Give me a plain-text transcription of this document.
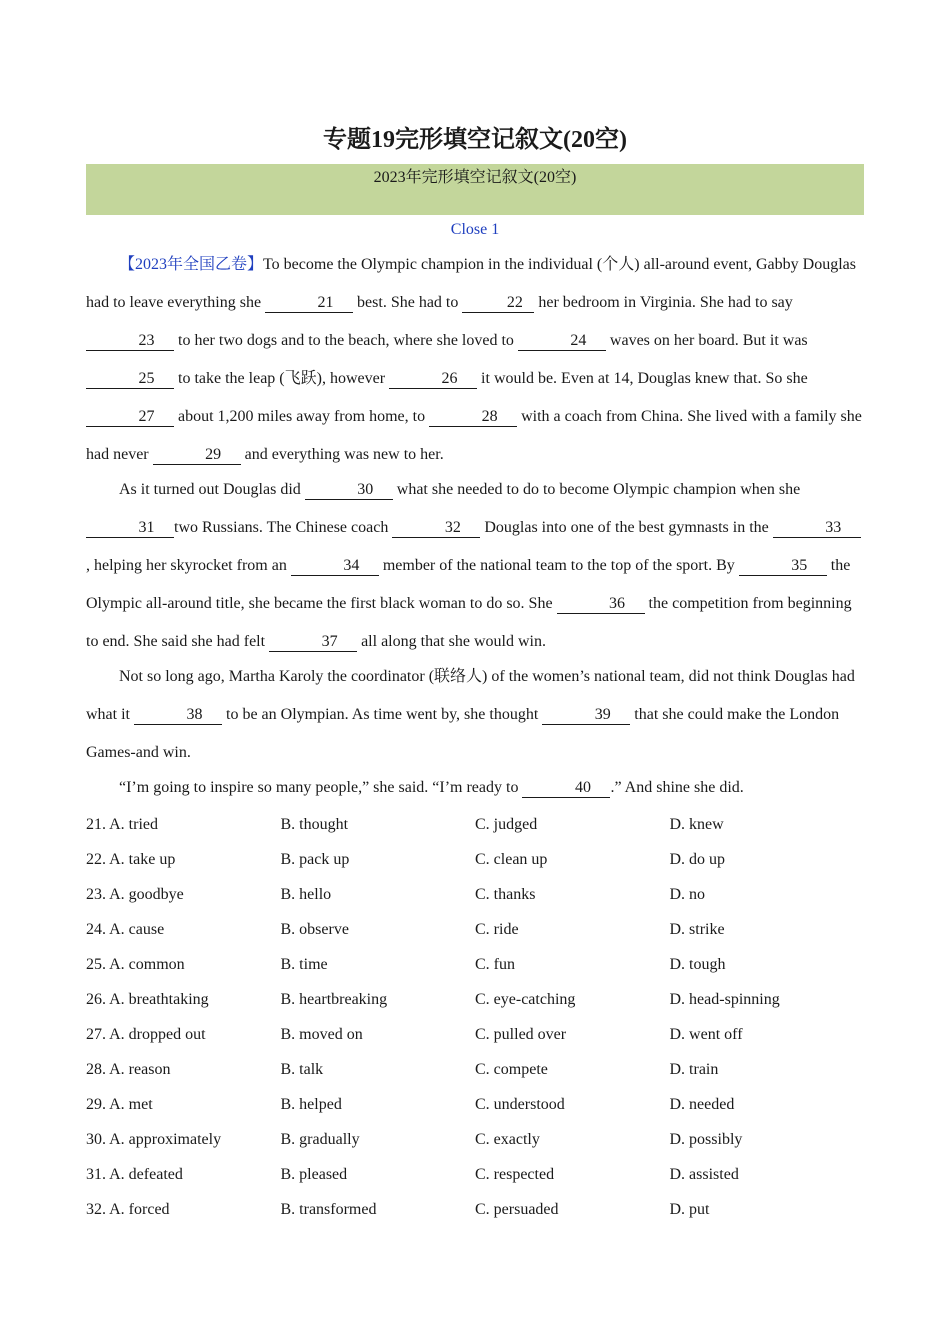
专题19完形填空记叙文(20空)
2023年完形填空记叙文(20空)
Close 1

【2023年全国乙卷】To become the Olympic champion in the individual (个人) all-around event, Gabby Douglas had to leave everything she	21 best. She had to	22 her bedroom in Virginia. She had to say 23 to her two dogs and to the beach, where she loved to	24 waves on her board. But it was 25 to take the leap (飞跃), however	26 it would be. Even at 14, Douglas knew that. So she 27 about 1,200 miles away from home, to	28 with a coach from China. She lived with a family she had never	29 and everything was new to her.

As it turned out Douglas did	30 what she needed to do to become Olympic champion when she 31 two Russians. The Chinese coach	32 Douglas into one of the best gymnasts in the	33, helping her skyrocket from an	34 member of the national team to the top of the sport. By	35 the Olympic all-around title, she became the first black woman to do so. She	36 the competition from beginning to end. She said she had felt	37 all along that she would win.

Not so long ago, Martha Karoly the coordinator (联络人) of the women’s national team, did not think Douglas had what it	38 to be an Olympian. As time went by, she thought	39 that she could make the London Games-and win.

“I’m going to inspire so many people,” she said. “I’m ready to	40 .” And shine she did.

21. A. tried	B. thought	C. judged	D. knew
22. A. take up	B. pack up	C. clean up	D. do up
23. A. goodbye	B. hello	C. thanks	D. no
24. A. cause	B. observe	C. ride	D. strike
25. A. common	B. time	C. fun	D. tough
26. A. breathtaking	B. heartbreaking	C. eye-catching	D. head-spinning
27. A. dropped out	B. moved on	C. pulled over	D. went off
28. A. reason	B. talk	C. compete	D. train
29. A. met	B. helped	C. understood	D. needed
30. A. approximately	B. gradually	C. exactly	D. possibly
31. A. defeated	B. pleased	C. respected	D. assisted
32. A. forced	B. transformed	C. persuaded	D. put
